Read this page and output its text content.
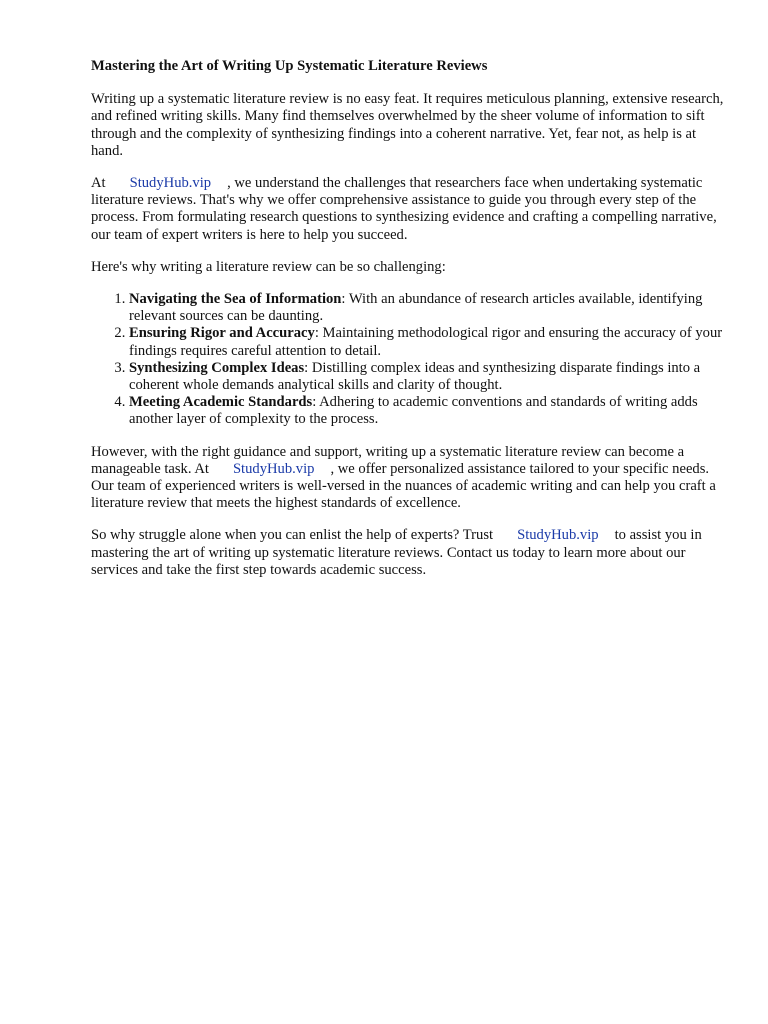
Mastering the Art of Writing Up Systematic Literature Reviews

Writing up a systematic literature review is no easy feat. It requires meticulous planning, extensive research, and refined writing skills. Many find themselves overwhelmed by the sheer volume of information to sift through and the complexity of synthesizing findings into a coherent narrative. Yet, fear not, as help is at hand.

At StudyHub.vip , we understand the challenges that researchers face when undertaking systematic literature reviews. That's why we offer comprehensive assistance to guide you through every step of the process. From formulating research questions to synthesizing evidence and crafting a compelling narrative, our team of expert writers is here to help you succeed.

Here's why writing a literature review can be so challenging:

1. Navigating the Sea of Information: With an abundance of research articles available, identifying relevant sources can be daunting.
2. Ensuring Rigor and Accuracy: Maintaining methodological rigor and ensuring the accuracy of your findings requires careful attention to detail.
3. Synthesizing Complex Ideas: Distilling complex ideas and synthesizing disparate findings into a coherent whole demands analytical skills and clarity of thought.
4. Meeting Academic Standards: Adhering to academic conventions and standards of writing adds another layer of complexity to the process.

However, with the right guidance and support, writing up a systematic literature review can become a manageable task. At StudyHub.vip , we offer personalized assistance tailored to your specific needs. Our team of experienced writers is well-versed in the nuances of academic writing and can help you craft a literature review that meets the highest standards of excellence.

So why struggle alone when you can enlist the help of experts? Trust StudyHub.vip to assist you in mastering the art of writing up systematic literature reviews. Contact us today to learn more about our services and take the first step towards academic success.
